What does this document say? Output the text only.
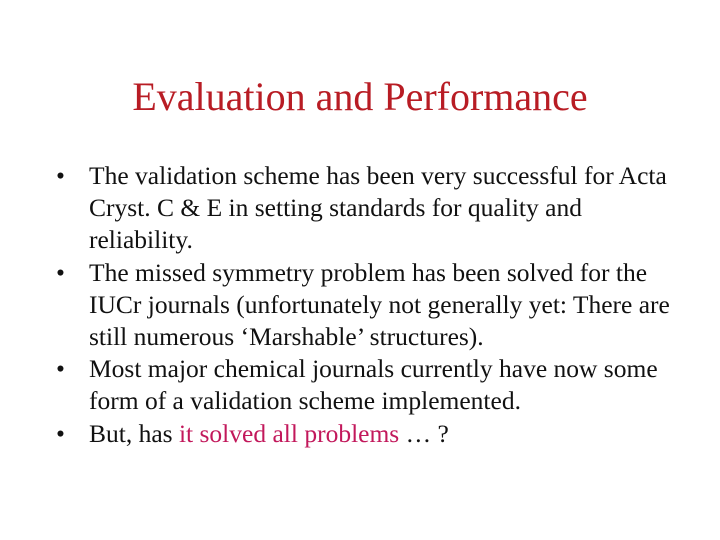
Evaluation and Performance
• The validation scheme has been very successful for Acta Cryst. C & E in setting standards for quality and reliability.
• The missed symmetry problem has been solved for the IUCr journals (unfortunately not generally yet: There are still numerous ‘Marshable’ structures).
• Most major chemical journals currently have now some form of a validation scheme implemented.
• But, has it solved all problems … ?
